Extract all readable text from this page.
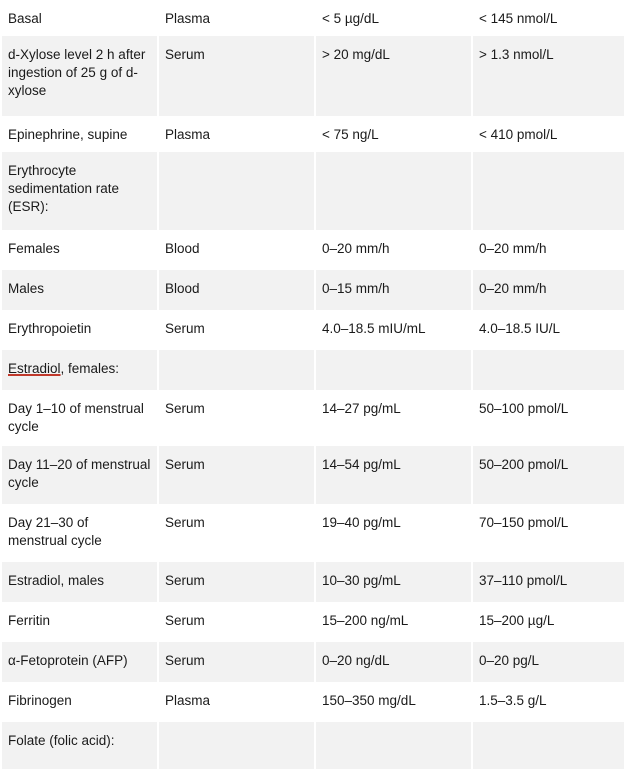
Basal	Plasma	< 5 µg/dL	< 145 nmol/L
d-Xylose level 2 h after ingestion of 25 g of d-xylose	Serum	> 20 mg/dL	> 1.3 nmol/L
Epinephrine, supine	Plasma	< 75 ng/L	< 410 pmol/L
Erythrocyte sedimentation rate (ESR):			
Females	Blood	0–20 mm/h	0–20 mm/h
Males	Blood	0–15 mm/h	0–20 mm/h
Erythropoietin	Serum	4.0–18.5 mIU/mL	4.0–18.5 IU/L
Estradiol, females:			
Day 1–10 of menstrual cycle	Serum	14–27 pg/mL	50–100 pmol/L
Day 11–20 of menstrual cycle	Serum	14–54 pg/mL	50–200 pmol/L
Day 21–30 of menstrual cycle	Serum	19–40 pg/mL	70–150 pmol/L
Estradiol, males	Serum	10–30 pg/mL	37–110 pmol/L
Ferritin	Serum	15–200 ng/mL	15–200 µg/L
α-Fetoprotein (AFP)	Serum	0–20 ng/dL	0–20 pg/L
Fibrinogen	Plasma	150–350 mg/dL	1.5–3.5 g/L
Folate (folic acid):			
